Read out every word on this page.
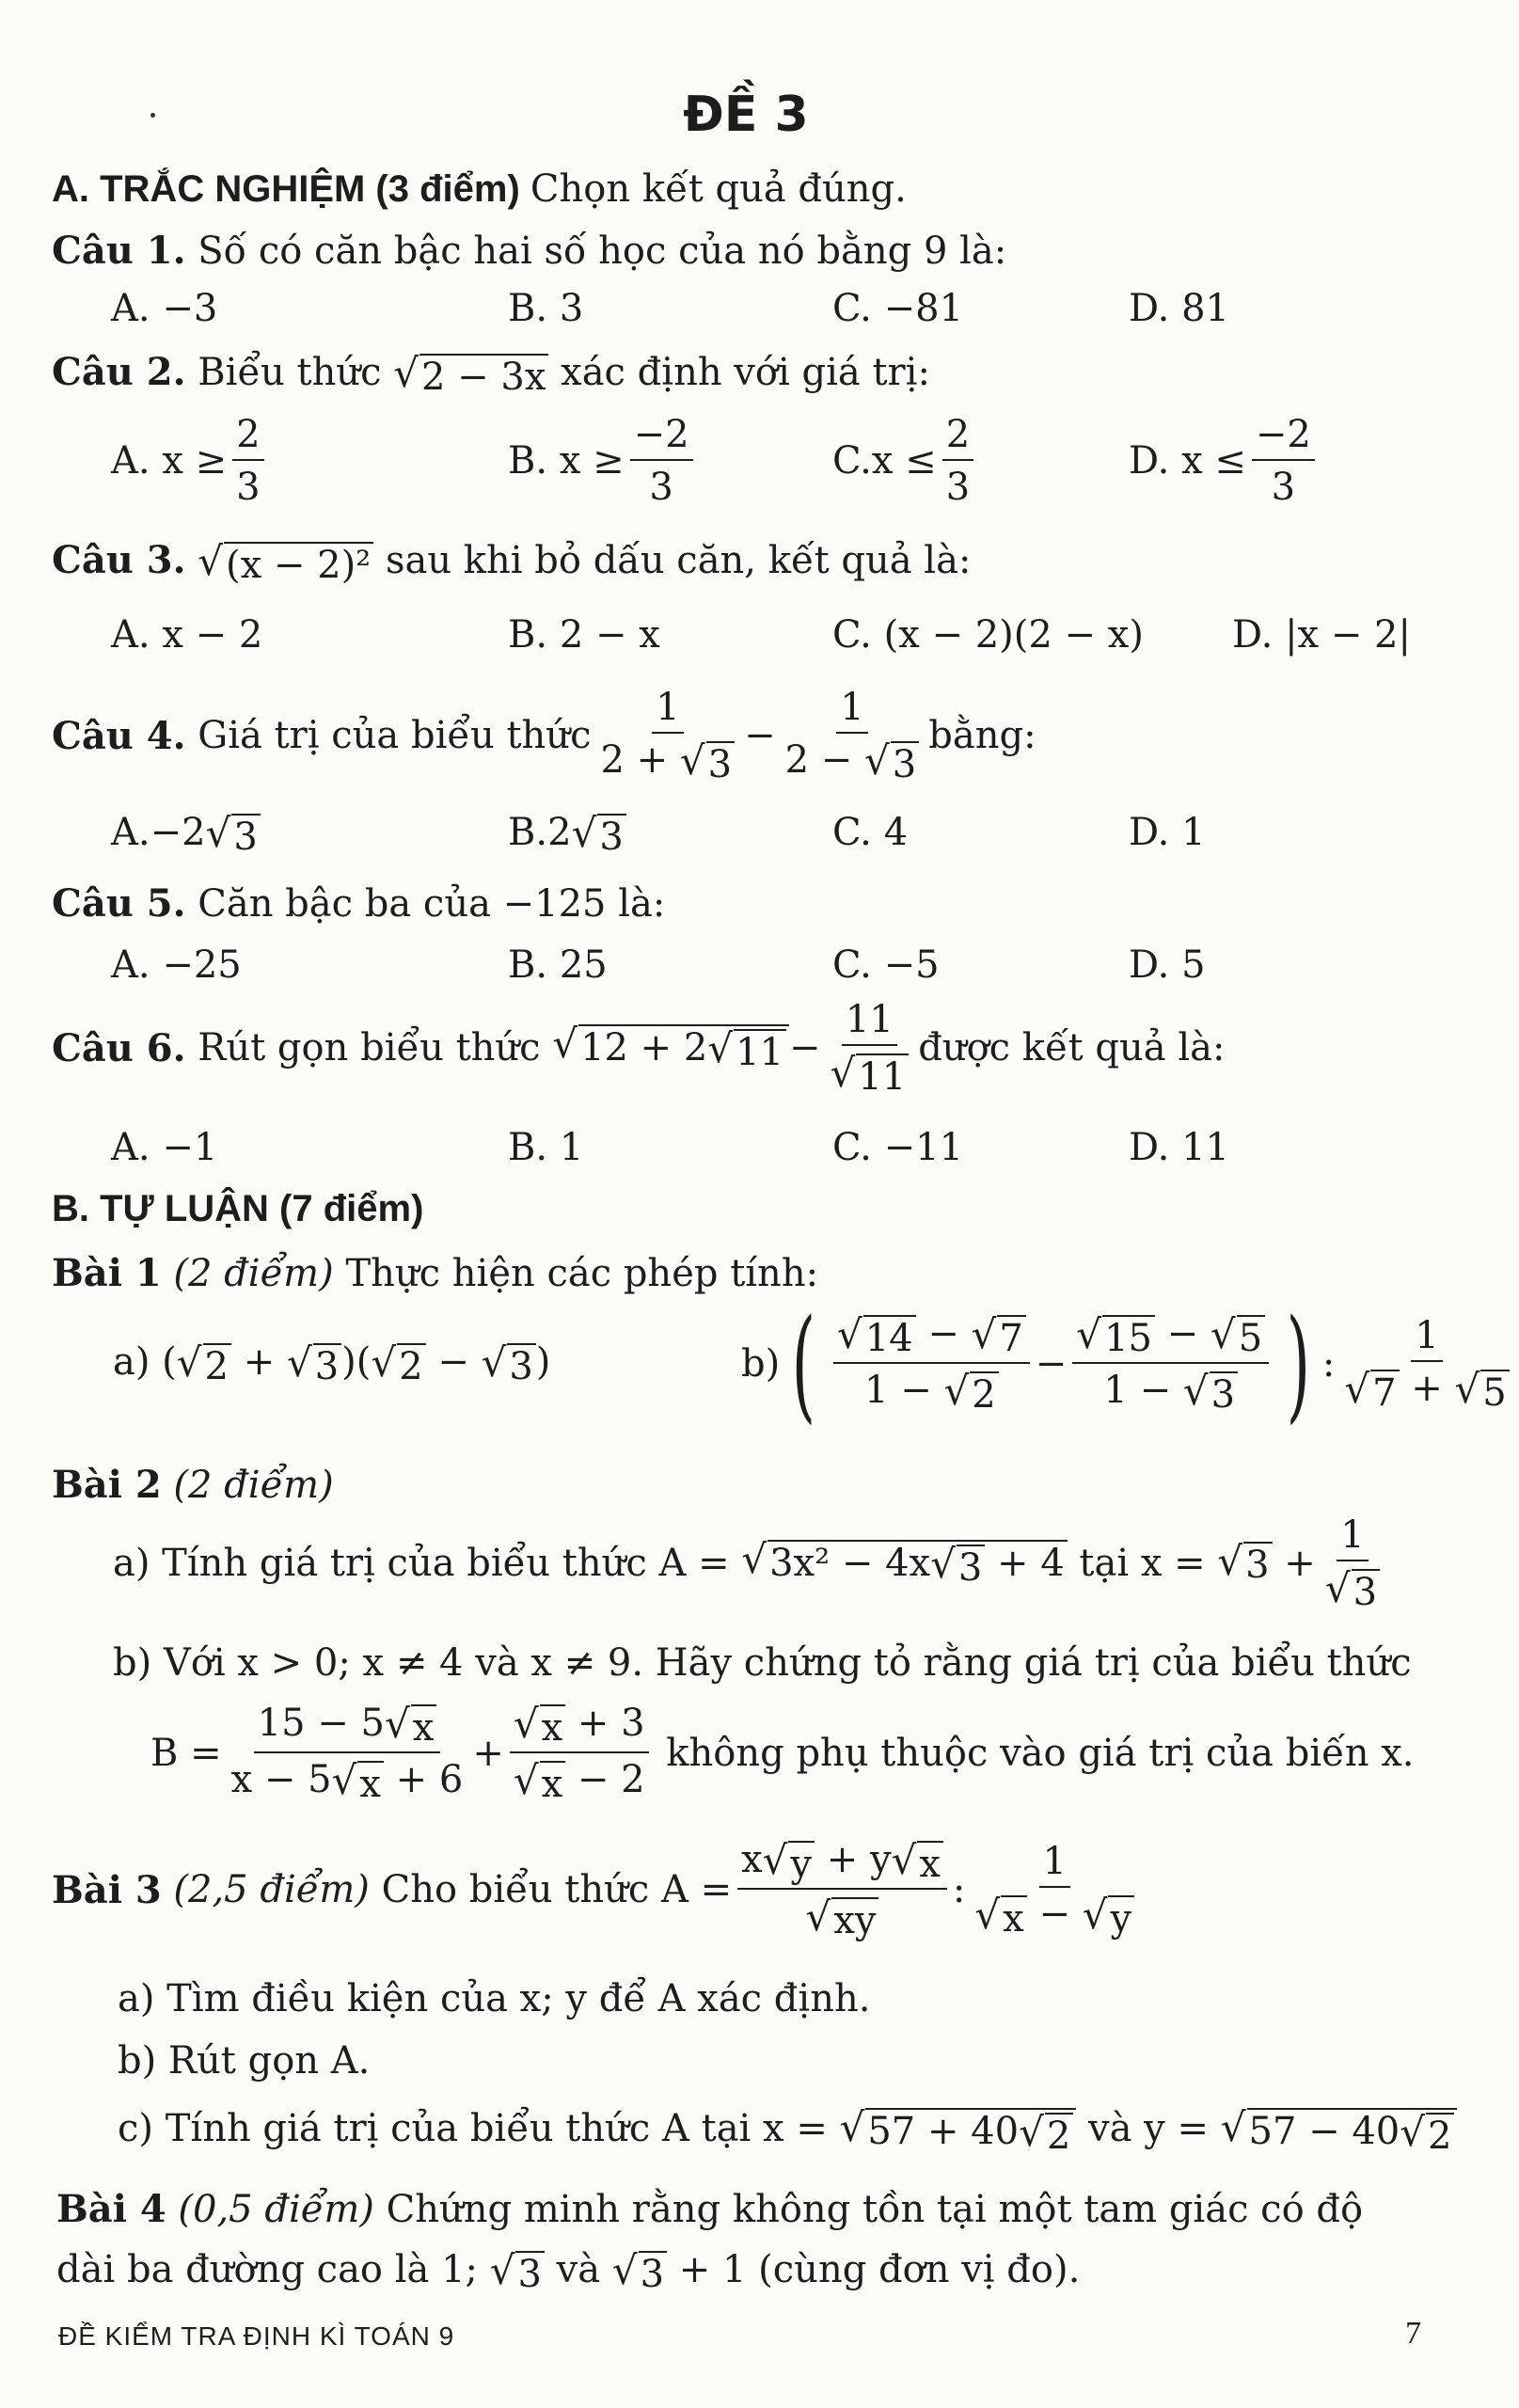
ĐỀ 3
A. TRẮC NGHIỆM (3 điểm) Chọn kết quả đúng.
Câu 1. Số có căn bậc hai số học của nó bằng 9 là:
A. −3	B. 3	C. −81	D. 81
Câu 2. Biểu thức √ 2 − 3x xác định với giá trị:
A. $x \ge \frac{2}{3}$	B. $x \ge \frac{-2}{3}$	$C.x \le \frac{2}{3}$	D. $x \le \frac{-2}{3}$
Câu 3. √ (x − 2)² sau khi bỏ dấu căn, kết quả là:
A. x − 2	B. 2 − x	C. (x − 2)(2 − x) D. |x − 2|
Câu 4.
Giá trị của biểu thức
1
2 + √ 3
− $\frac{1}{2 - √ 3}$ bằng:
A.−2 √ 3	B.2 √ 3	C. 4	D. 1
Câu 5. Căn bậc ba của −125 là:
A. −25	B. 25	C. −5	D. 5
Câu 6.
Rút gọn biểu thức
√ 12 + 2 √ $11 - \frac{11}{√ 11}$ được kết quả là:
A. −1	B. 1	C. −11	D. 11
B. TỰ LUẬN (7 điểm)
Bài 1 (2 điểm) Thực hiện các phép tính:
a) ( √ 2 + √ 3 )( √ 2 − √ 3 )	b) ( √ 14 − √ 7
1 − √ 2
− $\frac{√ 15 - √ 5}{1 - √ 3}$ ) :
1
√ 7 + √ 5
Bài 2 (2 điểm)
a) Tính giá trị của biểu thức A =
√ 3x² − 4x √ 3 + 4
tại x =
√ 3 +
1
√ 3
b) Với x > 0; x ≠ 4 và x ≠ 9. Hãy chứng tỏ rằng giá trị của biểu thức
$B = \frac{15 - 5 √ x}{x - 5 √ x + 6} + \frac{√ x + 3}{√ x - 2}$
không phụ thuộc vào giá trị của biến x.
Bài 3
(2,5 điểm)
Cho biểu thức $A = \frac{x √ y + y √ x}{√ xy}$ :
1
√ x − √ y
a) Tìm điều kiện của x; y để A xác định.
b) Rút gọn A.
c) Tính giá trị của biểu thức A tại x = √ 57 + 40 √ 2 và y = √ 57 − 40 √ 2
Bài 4 (0,5 điểm) Chứng minh rằng không tồn tại một tam giác có độ
dài ba đường cao là 1; √ 3 và √ 3 + 1 (cùng đơn vị đo).
ĐỀ KIỂM TRA ĐỊNH KÌ TOÁN 9	7
